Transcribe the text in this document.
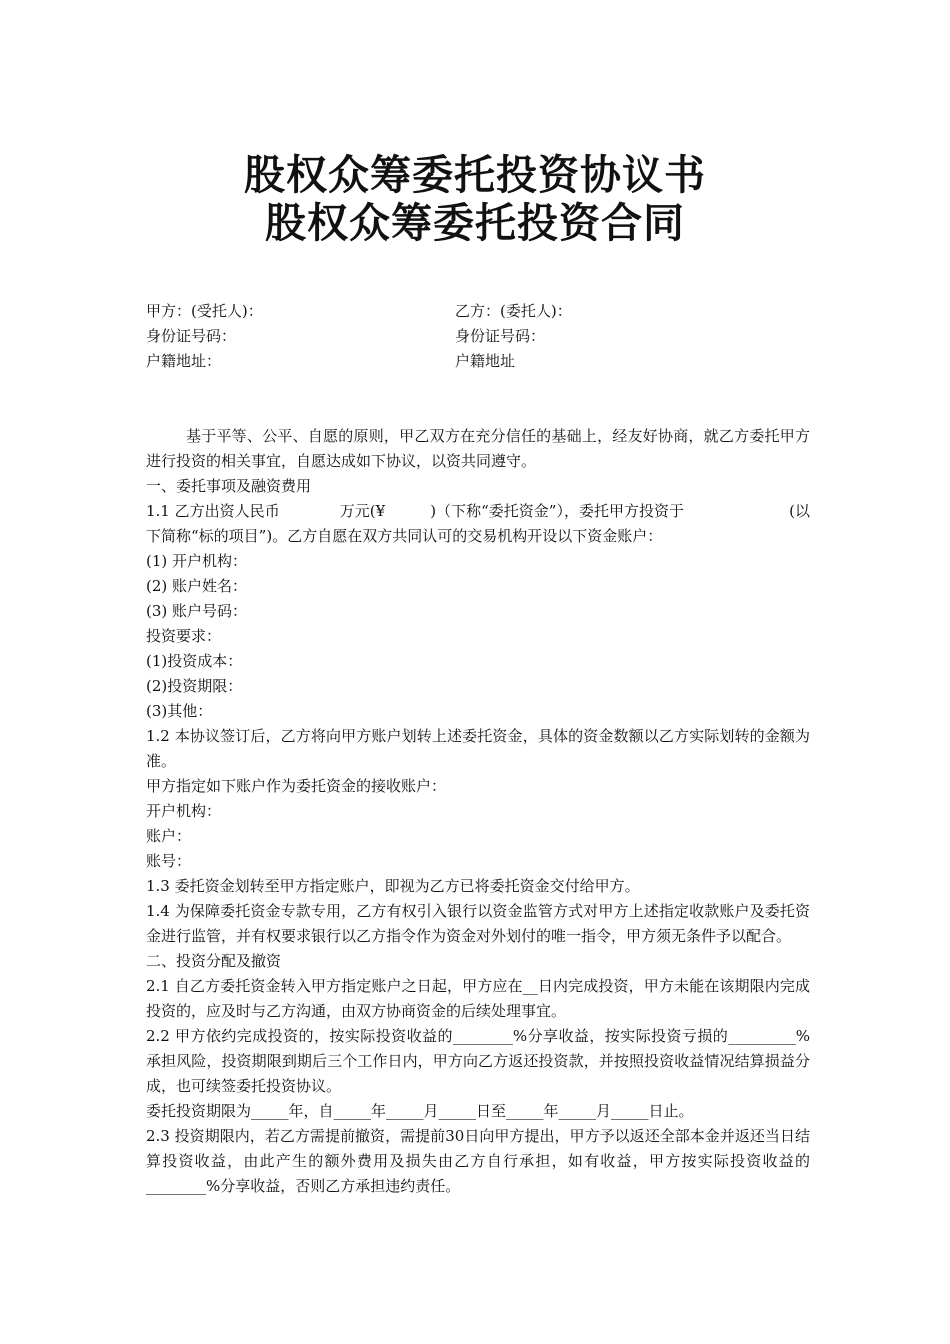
股权众筹委托投资协议书
股权众筹委托投资合同
甲方：(受托人)：	乙方：(委托人)：
身份证号码：	身份证号码：
户籍地址：	户籍地址

基于平等、公平、自愿的原则，甲乙双方在充分信任的基础上，经友好协商，就乙方委托甲方进行投资的相关事宜，自愿达成如下协议，以资共同遵守。

一、委托事项及融资费用

1.1 乙方出资人民币　　　　万元(¥　　　)（下称“委托资金”），委托甲方投资于　　　　　　　(以下简称“标的项目”)。乙方自愿在双方共同认可的交易机构开设以下资金账户：

(1) 开户机构：

(2) 账户姓名：

(3) 账户号码：

投资要求：

(1)投资成本：

(2)投资期限：

(3)其他：

1.2 本协议签订后，乙方将向甲方账户划转上述委托资金，具体的资金数额以乙方实际划转的金额为准。

甲方指定如下账户作为委托资金的接收账户：

开户机构：

账户：

账号：

1.3 委托资金划转至甲方指定账户，即视为乙方已将委托资金交付给甲方。

1.4 为保障委托资金专款专用，乙方有权引入银行以资金监管方式对甲方上述指定收款账户及委托资金进行监管，并有权要求银行以乙方指令作为资金对外划付的唯一指令，甲方须无条件予以配合。

二、投资分配及撤资

2.1 自乙方委托资金转入甲方指定账户之日起，甲方应在__日内完成投资，甲方未能在该期限内完成投资的，应及时与乙方沟通，由双方协商资金的后续处理事宜。

2.2 甲方依约完成投资的，按实际投资收益的________%分享收益，按实际投资亏损的_________%承担风险，投资期限到期后三个工作日内，甲方向乙方返还投资款，并按照投资收益情况结算损益分成，也可续签委托投资协议。

委托投资期限为_____年，自_____年_____月_____日至_____年_____月_____日止。

2.3 投资期限内，若乙方需提前撤资，需提前30日向甲方提出，甲方予以返还全部本金并返还当日结算投资收益，由此产生的额外费用及损失由乙方自行承担，如有收益，甲方按实际投资收益的________%分享收益，否则乙方承担违约责任。
